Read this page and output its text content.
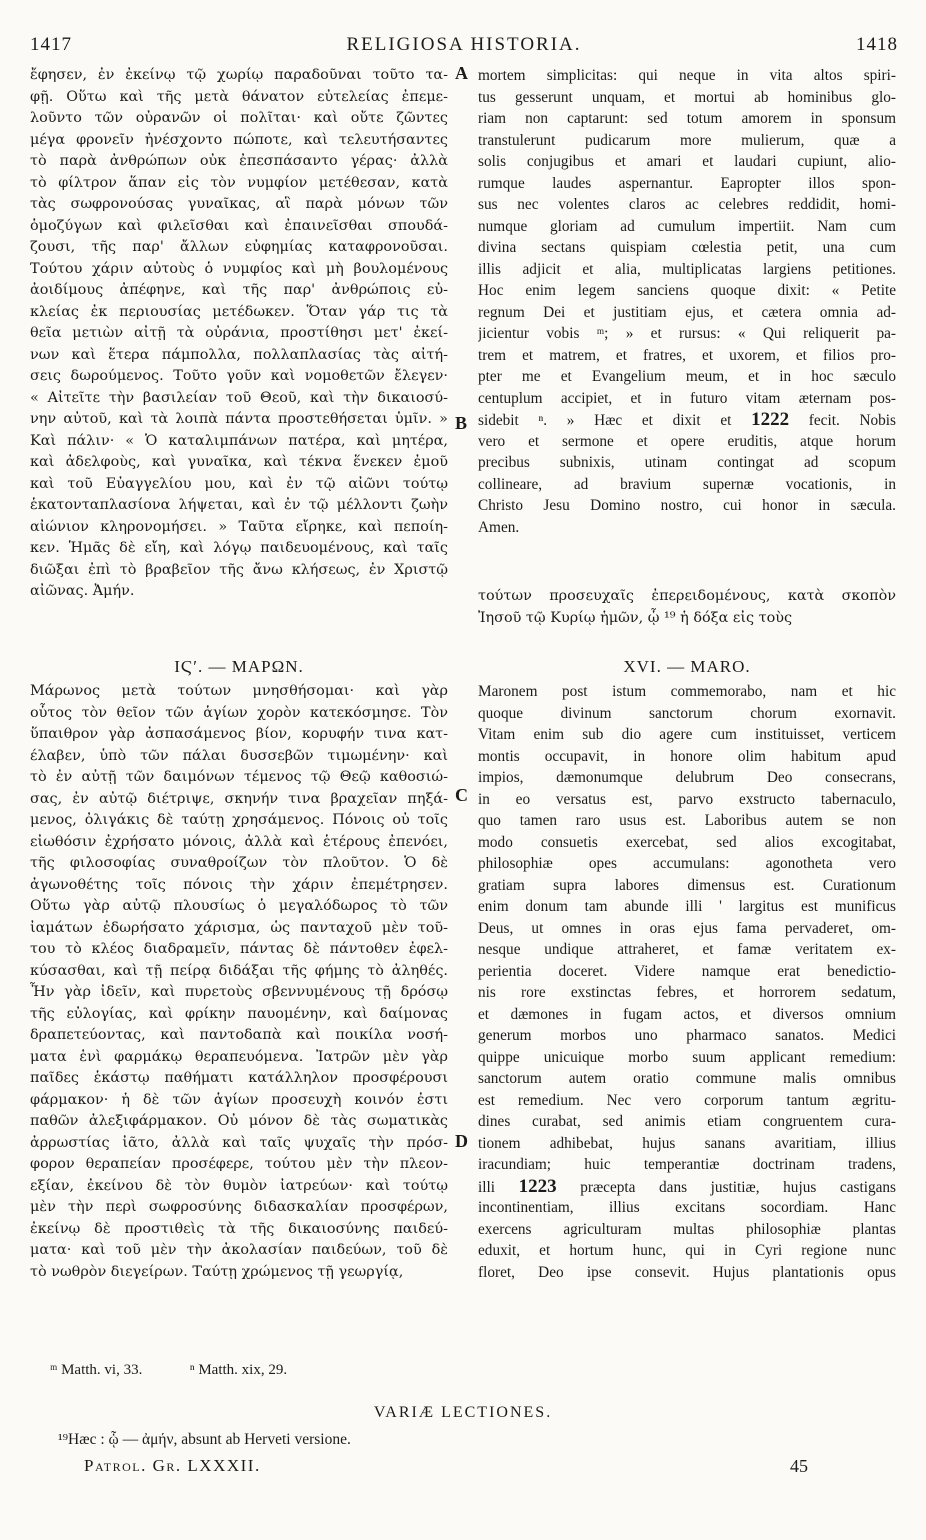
1417	RELIGIOSA HISTORIA.	1418
ἔφησεν, ἐν ἐκείνῳ τῷ χωρίῳ παραδοῦναι τοῦτο τα-
φῇ. Οὕτω καὶ τῆς μετὰ θάνατον εὐτελείας ἐπεμε-
λοῦντο τῶν οὐρανῶν οἱ πολῖται· καὶ οὔτε ζῶντες
μέγα φρονεῖν ἠνέσχοντο πώποτε, καὶ τελευτήσαντες
τὸ παρὰ ἀνθρώπων οὐκ ἐπεσπάσαντο γέρας· ἀλλὰ
τὸ φίλτρον ἅπαν εἰς τὸν νυμφίον μετέθεσαν, κατὰ
τὰς σωφρονούσας γυναῖκας, αἳ παρὰ μόνων τῶν
ὁμοζύγων καὶ φιλεῖσθαι καὶ ἐπαινεῖσθαι σπουδά-
ζουσι, τῆς παρ' ἄλλων εὐφημίας καταφρονοῦσαι.
Τούτου χάριν αὐτοὺς ὁ νυμφίος καὶ μὴ βουλομένους
ἀοιδίμους ἀπέφηνε, καὶ τῆς παρ' ἀνθρώποις εὐ-
κλείας ἐκ περιουσίας μετέδωκεν. Ὅταν γάρ τις τὰ
θεῖα μετιὼν αἰτῇ τὰ οὐράνια, προστίθησι μετ' ἐκεί-
νων καὶ ἕτερα πάμπολλα, πολλαπλασίας τὰς αἰτή-
σεις δωρούμενος. Τοῦτο γοῦν καὶ νομοθετῶν ἔλεγεν·
« Αἰτεῖτε τὴν βασιλείαν τοῦ Θεοῦ, καὶ τὴν δικαιοσύ-
νην αὐτοῦ, καὶ τὰ λοιπὰ πάντα προστεθήσεται ὑμῖν. »
Καὶ πάλιν· « Ὁ καταλιμπάνων πατέρα, καὶ μητέρα,
καὶ ἀδελφοὺς, καὶ γυναῖκα, καὶ τέκνα ἕνεκεν ἐμοῦ
καὶ τοῦ Εὐαγγελίου μου, καὶ ἐν τῷ αἰῶνι τούτῳ
ἑκατονταπλασίονα λήψεται, καὶ ἐν τῷ μέλλοντι ζωὴν
αἰώνιον κληρονομήσει. » Ταῦτα εἴρηκε, καὶ πεποίη-
κεν. Ἡμᾶς δὲ εἴη, καὶ λόγῳ παιδευομένους, καὶ ταῖς
διῶξαι ἐπὶ τὸ βραβεῖον τῆς ἄνω κλήσεως, ἐν Χριστῷ
αἰῶνας. Ἀμήν.
mortem simplicitas: qui neque in vita altos spiri-
tus gesserunt unquam, et mortui ab hominibus glo-
riam non captarunt: sed totum amorem in sponsum
transtulerunt pudicarum more mulierum, quæ a
solis conjugibus et amari et laudari cupiunt, alio-
rumque laudes aspernantur. Eapropter illos spon-
sus nec volentes claros ac celebres reddidit, homi-
numque gloriam ad cumulum impertiit. Nam cum
divina sectans quispiam cœlestia petit, una cum
illis adjicit et alia, multiplicatas largiens petitiones.
Hoc enim legem sanciens quoque dixit: « Petite
regnum Dei et justitiam ejus, et cætera omnia ad-
jicientur vobis ᵐ; » et rursus: « Qui reliquerit pa-
trem et matrem, et fratres, et uxorem, et filios pro-
pter me et Evangelium meum, et in hoc sæculo
centuplum accipiet, et in futuro vitam æternam pos-
sidebit ⁿ. » Hæc et dixit et 1222 fecit. Nobis
vero et sermone et opere eruditis, atque horum
precibus subnixis, utinam contingat ad scopum
collineare, ad bravium supernæ vocationis, in
Christo Jesu Domino nostro, cui honor in sæcula.
Amen.
τούτων προσευχαῖς ἐπερειδομένους, κατὰ σκοπὸν
Ἰησοῦ τῷ Κυρίῳ ἡμῶν, ᾧ ¹⁹ ἡ δόξα εἰς τοὺς
A
B
C
D
ΙϚʹ. — ΜΑΡΩΝ.	XVI. — MARO.
Μάρωνος μετὰ τούτων μνησθήσομαι· καὶ γὰρ
οὗτος τὸν θεῖον τῶν ἁγίων χορὸν κατεκόσμησε. Τὸν
ὕπαιθρον γὰρ ἀσπασάμενος βίον, κορυφήν τινα κατ-
έλαβεν, ὑπὸ τῶν πάλαι δυσσεβῶν τιμωμένην· καὶ
τὸ ἐν αὐτῇ τῶν δαιμόνων τέμενος τῷ Θεῷ καθοσιώ-
σας, ἐν αὐτῷ διέτριψε, σκηνήν τινα βραχεῖαν πηξά-
μενος, ὀλιγάκις δὲ ταύτῃ χρησάμενος. Πόνοις οὐ τοῖς
εἰωθόσιν ἐχρήσατο μόνοις, ἀλλὰ καὶ ἑτέρους ἐπενόει,
τῆς φιλοσοφίας συναθροίζων τὸν πλοῦτον. Ὁ δὲ
ἀγωνοθέτης τοῖς πόνοις τὴν χάριν ἐπεμέτρησεν.
Οὕτω γὰρ αὐτῷ πλουσίως ὁ μεγαλόδωρος τὸ τῶν
ἰαμάτων ἐδωρήσατο χάρισμα, ὡς πανταχοῦ μὲν τοῦ-
του τὸ κλέος διαδραμεῖν, πάντας δὲ πάντοθεν ἐφελ-
κύσασθαι, καὶ τῇ πείρᾳ διδάξαι τῆς φήμης τὸ ἀληθές.
Ἦν γὰρ ἰδεῖν, καὶ πυρετοὺς σβεννυμένους τῇ δρόσῳ
τῆς εὐλογίας, καὶ φρίκην παυομένην, καὶ δαίμονας
δραπετεύοντας, καὶ παντοδαπὰ καὶ ποικίλα νοσή-
ματα ἑνὶ φαρμάκῳ θεραπευόμενα. Ἰατρῶν μὲν γὰρ
παῖδες ἑκάστῳ παθήματι κατάλληλον προσφέρουσι
φάρμακον· ἡ δὲ τῶν ἁγίων προσευχὴ κοινόν ἐστι
παθῶν ἀλεξιφάρμακον. Οὐ μόνον δὲ τὰς σωματικὰς
ἀρρωστίας ἰᾶτο, ἀλλὰ καὶ ταῖς ψυχαῖς τὴν πρόσ-
φορον θεραπείαν προσέφερε, τούτου μὲν τὴν πλεον-
εξίαν, ἐκείνου δὲ τὸν θυμὸν ἰατρεύων· καὶ τούτῳ
μὲν τὴν περὶ σωφροσύνης διδασκαλίαν προσφέρων,
ἐκείνῳ δὲ προστιθεὶς τὰ τῆς δικαιοσύνης παιδεύ-
ματα· καὶ τοῦ μὲν τὴν ἀκολασίαν παιδεύων, τοῦ δὲ
τὸ νωθρὸν διεγείρων. Ταύτῃ χρώμενος τῇ γεωργίᾳ,
Maronem post istum commemorabo, nam et hic
quoque divinum sanctorum chorum exornavit.
Vitam enim sub dio agere cum instituisset, verticem
montis occupavit, in honore olim habitum apud
impios, dæmonumque delubrum Deo consecrans,
in eo versatus est, parvo exstructo tabernaculo,
quo tamen raro usus est. Laboribus autem se non
modo consuetis exercebat, sed alios excogitabat,
philosophiæ opes accumulans: agonotheta vero
gratiam supra labores dimensus est. Curationum
enim donum tam abunde illi ' largitus est munificus
Deus, ut omnes in oras ejus fama pervaderet, om-
nesque undique attraheret, et famæ veritatem ex-
perientia doceret. Videre namque erat benedictio-
nis rore exstinctas febres, et horrorem sedatum,
et dæmones in fugam actos, et diversos omnium
generum morbos uno pharmaco sanatos. Medici
quippe unicuique morbo suum applicant remedium:
sanctorum autem oratio commune malis omnibus
est remedium. Nec vero corporum tantum ægritu-
dines curabat, sed animis etiam congruentem cura-
tionem adhibebat, hujus sanans avaritiam, illius
iracundiam; huic temperantiæ doctrinam tradens,
illi 1223 præcepta dans justitiæ, hujus castigans
incontinentiam, illius excitans socordiam. Hanc
exercens agriculturam multas philosophiæ plantas
eduxit, et hortum hunc, qui in Cyri regione nunc
floret, Deo ipse consevit. Hujus plantationis opus
ᵐ Matth. vi, 33.	ⁿ Matth. xix, 29.
VARIÆ LECTIONES.
¹⁹Hæc : ᾧ — ἀμήν, absunt ab Herveti versione.
Patrol. Gr. LXXXII.	45
